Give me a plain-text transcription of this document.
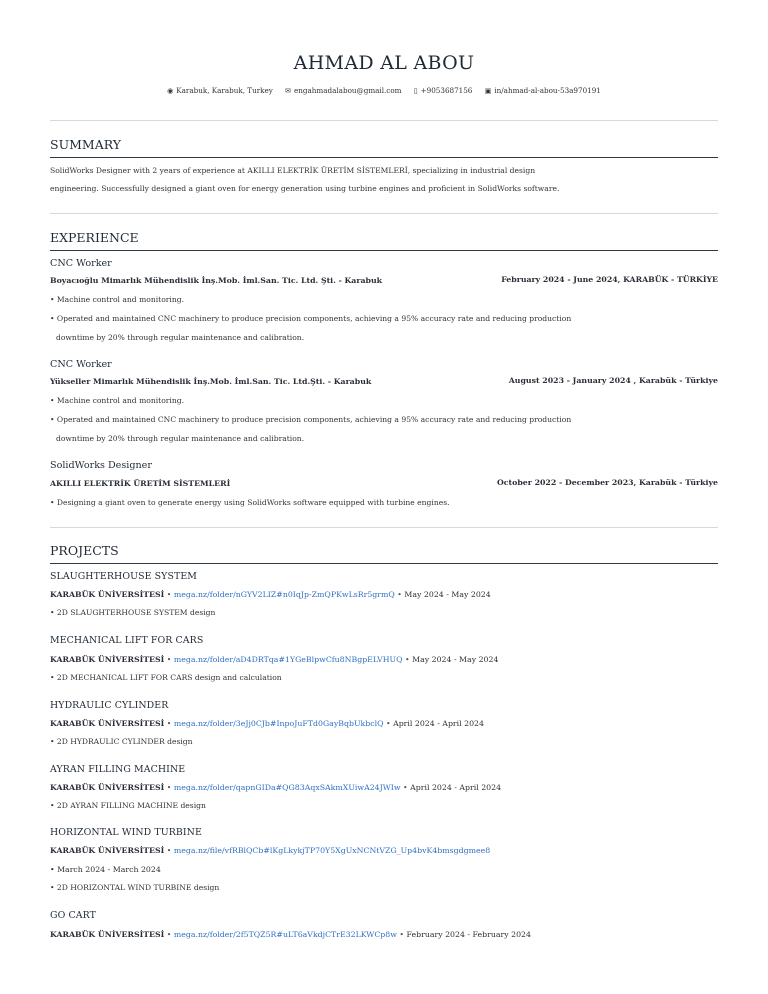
AHMAD AL ABOU
◉ Karabuk, Karabuk, Turkey ✉ engahmadalabou@gmail.com ▯ +9053687156 ▣ in/ahmad-al-abou-53a970191
SUMMARY
SolidWorks Designer with 2 years of experience at AKILLI ELEKTRİK ÜRETİM SİSTEMLERİ, specializing in industrial design
engineering. Successfully designed a giant oven for energy generation using turbine engines and proficient in SolidWorks software.
EXPERIENCE
CNC Worker
Boyacıoğlu Mimarlık Mühendislik İnş.Mob. İml.San. Tic. Ltd. Şti. - Karabuk	February 2024 - June 2024, KARABÜK - TÜRKİYE
• Machine control and monitoring.
• Operated and maintained CNC machinery to produce precision components, achieving a 95% accuracy rate and reducing production
downtime by 20% through regular maintenance and calibration.
CNC Worker
Yükseller Mimarlık Mühendislik İnş.Mob. İml.San. Tic. Ltd.Şti. - Karabuk	August 2023 - January 2024 , Karabük - Türkiye
• Machine control and monitoring.
• Operated and maintained CNC machinery to produce precision components, achieving a 95% accuracy rate and reducing production
downtime by 20% through regular maintenance and calibration.
SolidWorks Designer
AKILLI ELEKTRİK ÜRETİM SİSTEMLERİ	October 2022 - December 2023, Karabük - Türkiye
• Designing a giant oven to generate energy using SolidWorks software equipped with turbine engines.
PROJECTS
SLAUGHTERHOUSE SYSTEM
KARABÜK ÜNİVERSİTESİ • mega.nz/folder/nGYV2LIZ#n0IqJp-ZmQPKwLsRr5grmQ • May 2024 - May 2024
• 2D SLAUGHTERHOUSE SYSTEM design
MECHANICAL LIFT FOR CARS
KARABÜK ÜNİVERSİTESİ • mega.nz/folder/aD4DRTqa#1YGeBlpwCfu8NBgpELVHUQ • May 2024 - May 2024
• 2D MECHANICAL LIFT FOR CARS design and calculation
HYDRAULIC CYLINDER
KARABÜK ÜNİVERSİTESİ • mega.nz/folder/3eJj0CJb#InpoJuFTd0GayBqbUkbclQ • April 2024 - April 2024
• 2D HYDRAULIC CYLINDER design
AYRAN FILLING MACHINE
KARABÜK ÜNİVERSİTESİ • mega.nz/folder/qapnGIDa#QG83AqxSAkmXUiwA24JWIw • April 2024 - April 2024
• 2D AYRAN FILLING MACHINE design
HORIZONTAL WIND TURBINE
KARABÜK ÜNİVERSİTESİ • mega.nz/file/vfRBlQCb#lKgLkykjTP70Y5XgUxNCNtVZG_Up4bvK4bmsgdgmee8
• March 2024 - March 2024
• 2D HORIZONTAL WIND TURBINE design
GO CART
KARABÜK ÜNİVERSİTESİ • mega.nz/folder/2f5TQZ5R#uLT6aVkdjCTrE32LKWCp8w • February 2024 - February 2024
